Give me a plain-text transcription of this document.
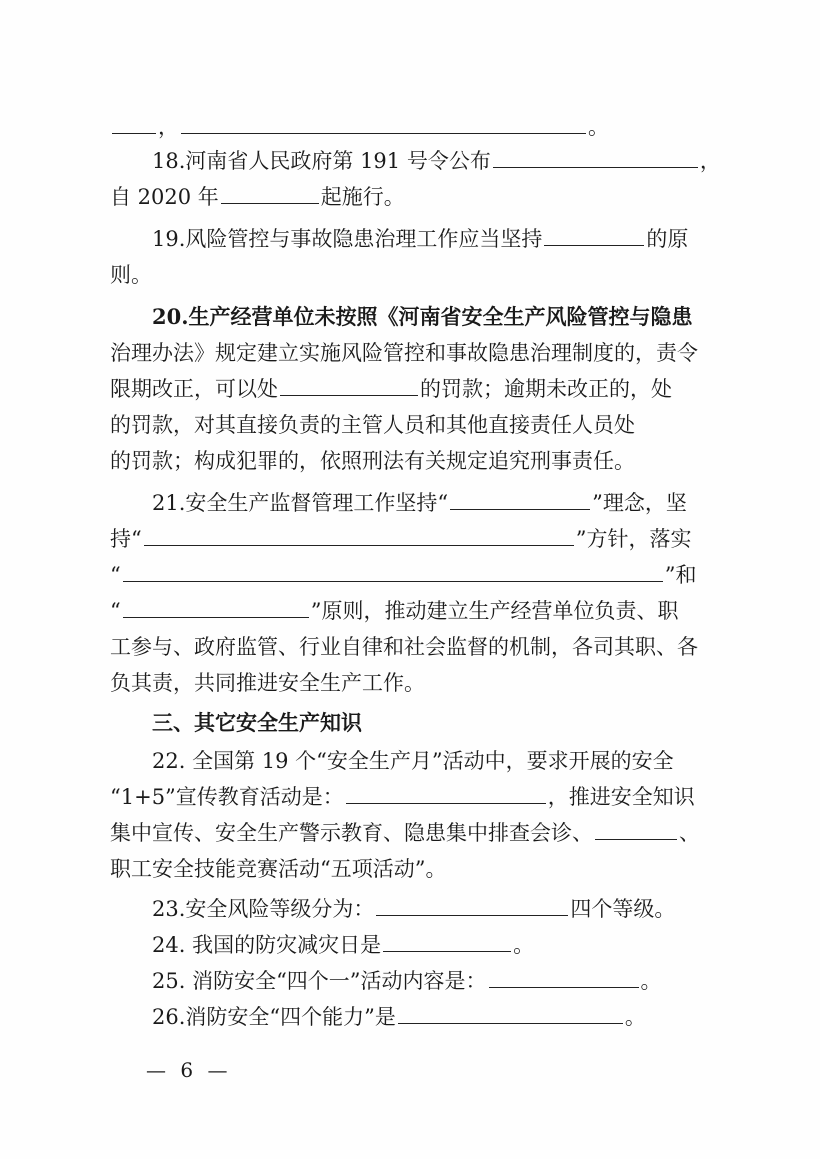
，	。
18.河南省人民政府第 191 号令公布	，
自 2020 年	起施行。
19.风险管控与事故隐患治理工作应当坚持	的原
则。
20.生产经营单位未按照《河南省安全生产风险管控与隐患
治理办法》规定建立实施风险管控和事故隐患治理制度的，责令
限期改正，可以处	的罚款；逾期未改正的，处
的罚款，对其直接负责的主管人员和其他直接责任人员处
的罚款；构成犯罪的，依照刑法有关规定追究刑事责任。
21.安全生产监督管理工作坚持“	”理念，坚
持“	”方针，落实
“	”和
“	”原则，推动建立生产经营单位负责、职
工参与、政府监管、行业自律和社会监督的机制，各司其职、各
负其责，共同推进安全生产工作。
三、其它安全生产知识
22. 全国第 19 个“安全生产月”活动中，要求开展的安全
“1+5”宣传教育活动是：	，推进安全知识
集中宣传、安全生产警示教育、隐患集中排查会诊、	、
职工安全技能竞赛活动“五项活动”。
23.安全风险等级分为：	四个等级。
24. 我国的防灾减灾日是	。
25. 消防安全“四个一”活动内容是：	。
26.消防安全“四个能力”是	。
— 6 —
